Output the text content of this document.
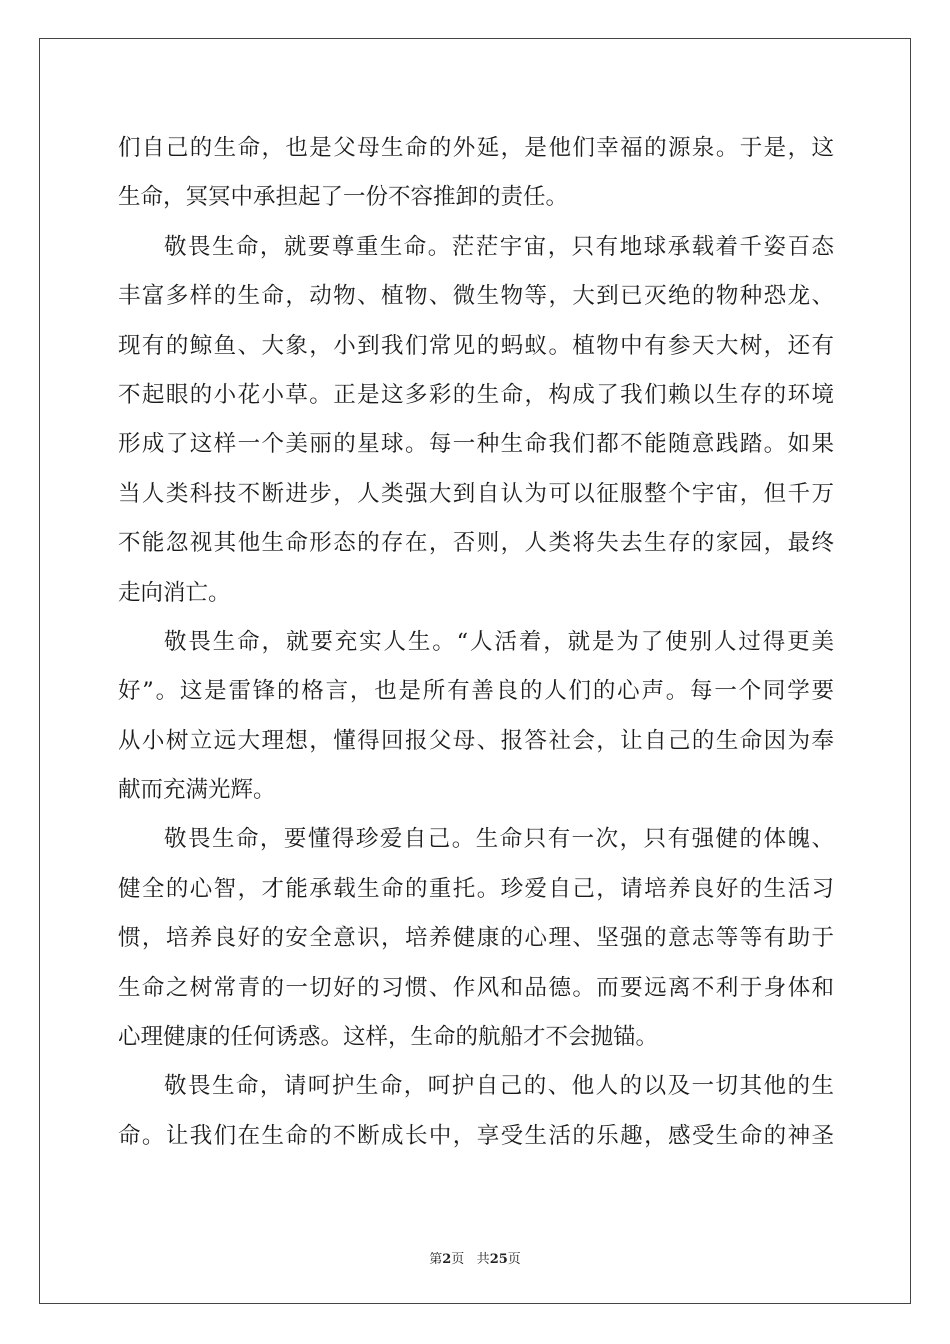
们自己的生命，也是父母生命的外延，是他们幸福的源泉。于是，这
生命，冥冥中承担起了一份不容推卸的责任。
敬畏生命，就要尊重生命。茫茫宇宙，只有地球承载着千姿百态
丰富多样的生命，动物、植物、微生物等，大到已灭绝的物种恐龙、
现有的鲸鱼、大象，小到我们常见的蚂蚁。植物中有参天大树，还有
不起眼的小花小草。正是这多彩的生命，构成了我们赖以生存的环境
形成了这样一个美丽的星球。每一种生命我们都不能随意践踏。如果
当人类科技不断进步，人类强大到自认为可以征服整个宇宙，但千万
不能忽视其他生命形态的存在，否则，人类将失去生存的家园，最终
走向消亡。
敬畏生命，就要充实人生。“人活着，就是为了使别人过得更美
好”。这是雷锋的格言，也是所有善良的人们的心声。每一个同学要
从小树立远大理想，懂得回报父母、报答社会，让自己的生命因为奉
献而充满光辉。
敬畏生命，要懂得珍爱自己。生命只有一次，只有强健的体魄、
健全的心智，才能承载生命的重托。珍爱自己，请培养良好的生活习
惯，培养良好的安全意识，培养健康的心理、坚强的意志等等有助于
生命之树常青的一切好的习惯、作风和品德。而要远离不利于身体和
心理健康的任何诱惑。这样，生命的航船才不会抛锚。
敬畏生命，请呵护生命，呵护自己的、他人的以及一切其他的生
命。让我们在生命的不断成长中，享受生活的乐趣，感受生命的神圣
第2页 共25页
